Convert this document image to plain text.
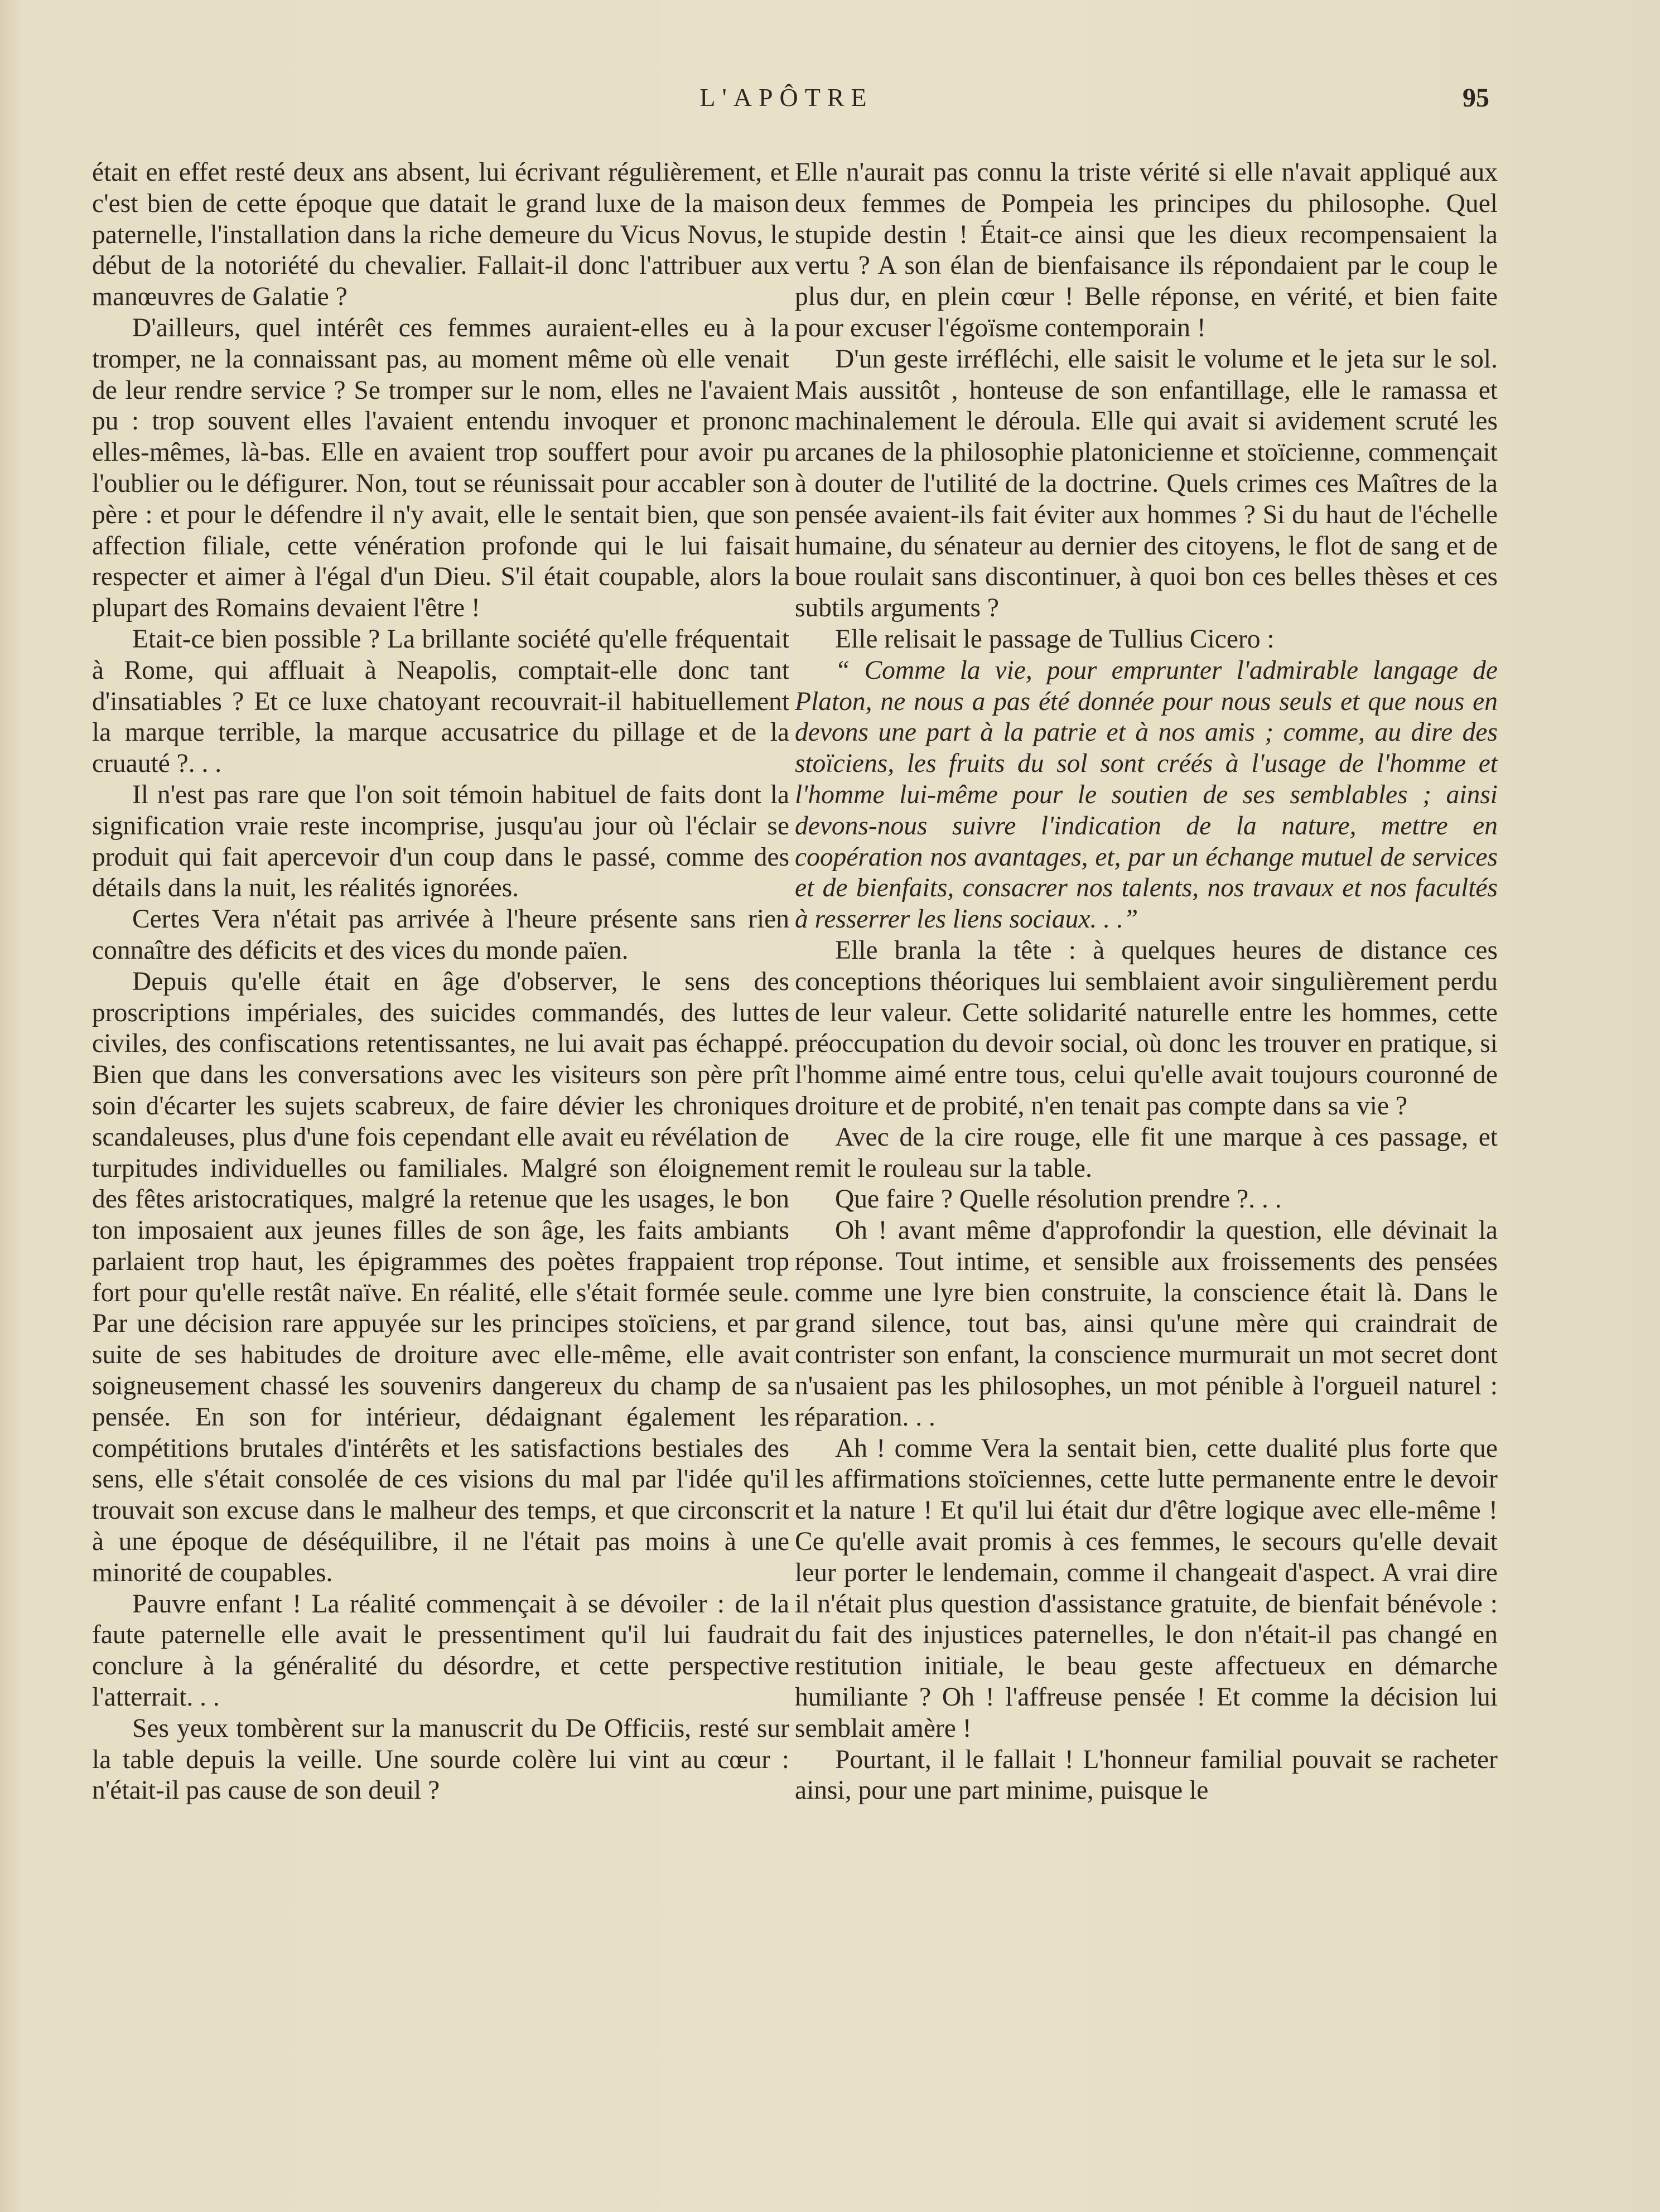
L'APÔTRE	95

était en effet resté deux ans absent, lui écrivant régulièrement, et c'est bien de cette époque que datait le grand luxe de la maison paternelle, l'installation dans la riche demeure du Vicus Novus, le début de la notoriété du chevalier. Fallait-il donc l'attribuer aux manœuvres de Galatie ?

D'ailleurs, quel intérêt ces femmes auraient-elles eu à la tromper, ne la connaissant pas, au moment même où elle venait de leur rendre service ? Se tromper sur le nom, elles ne l'avaient pu : trop souvent elles l'avaient entendu invoquer et prononc elles-mêmes, là-bas. Elle en avaient trop souffert pour avoir pu l'oublier ou le défigurer. Non, tout se réunissait pour accabler son père : et pour le défendre il n'y avait, elle le sentait bien, que son affection filiale, cette vénération profonde qui le lui faisait respecter et aimer à l'égal d'un Dieu. S'il était coupable, alors la plupart des Romains devaient l'être !

Etait-ce bien possible ? La brillante société qu'elle fréquentait à Rome, qui affluait à Neapolis, comptait-elle donc tant d'insatiables ? Et ce luxe chatoyant recouvrait-il habituellement la marque terrible, la marque accusatrice du pillage et de la cruauté ?. . .

Il n'est pas rare que l'on soit témoin habituel de faits dont la signification vraie reste incomprise, jusqu'au jour où l'éclair se produit qui fait apercevoir d'un coup dans le passé, comme des détails dans la nuit, les réalités ignorées.

Certes Vera n'était pas arrivée à l'heure présente sans rien connaître des déficits et des vices du monde païen.

Depuis qu'elle était en âge d'observer, le sens des proscriptions impériales, des suicides commandés, des luttes civiles, des confiscations retentissantes, ne lui avait pas échappé. Bien que dans les conversations avec les visiteurs son père prît soin d'écarter les sujets scabreux, de faire dévier les chroniques scandaleuses, plus d'une fois cependant elle avait eu révélation de turpitudes individuelles ou familiales. Malgré son éloignement des fêtes aristocratiques, malgré la retenue que les usages, le bon ton imposaient aux jeunes filles de son âge, les faits ambiants parlaient trop haut, les épigrammes des poètes frappaient trop fort pour qu'elle restât naïve. En réalité, elle s'était formée seule. Par une décision rare appuyée sur les principes stoïciens, et par suite de ses habitudes de droiture avec elle-même, elle avait soigneusement chassé les souvenirs dangereux du champ de sa pensée. En son for intérieur, dédaignant également les compétitions brutales d'intérêts et les satisfactions bestiales des sens, elle s'était consolée de ces visions du mal par l'idée qu'il trouvait son excuse dans le malheur des temps, et que circonscrit à une époque de déséquilibre, il ne l'était pas moins à une minorité de coupables.

Pauvre enfant ! La réalité commençait à se dévoiler : de la faute paternelle elle avait le pressentiment qu'il lui faudrait conclure à la généralité du désordre, et cette perspective l'atterrait. . .

Ses yeux tombèrent sur la manuscrit du De Officiis, resté sur la table depuis la veille. Une sourde colère lui vint au cœur : n'était-il pas cause de son deuil ?

Elle n'aurait pas connu la triste vérité si elle n'avait appliqué aux deux femmes de Pompeia les principes du philosophe. Quel stupide destin ! Était-ce ainsi que les dieux recompensaient la vertu ? A son élan de bienfaisance ils répondaient par le coup le plus dur, en plein cœur ! Belle réponse, en vérité, et bien faite pour excuser l'égoïsme contemporain !

D'un geste irréfléchi, elle saisit le volume et le jeta sur le sol. Mais aussitôt , honteuse de son enfantillage, elle le ramassa et machinalement le déroula. Elle qui avait si avidement scruté les arcanes de la philosophie platonicienne et stoïcienne, commençait à douter de l'utilité de la doctrine. Quels crimes ces Maîtres de la pensée avaient-ils fait éviter aux hommes ? Si du haut de l'échelle humaine, du sénateur au dernier des citoyens, le flot de sang et de boue roulait sans discontinuer, à quoi bon ces belles thèses et ces subtils arguments ?

Elle relisait le passage de Tullius Cicero :

“ Comme la vie, pour emprunter l'admirable langage de Platon, ne nous a pas été donnée pour nous seuls et que nous en devons une part à la patrie et à nos amis ; comme, au dire des stoïciens, les fruits du sol sont créés à l'usage de l'homme et l'homme lui-même pour le soutien de ses semblables ; ainsi devons-nous suivre l'indication de la nature, mettre en coopération nos avantages, et, par un échange mutuel de services et de bienfaits, consacrer nos talents, nos travaux et nos facultés à resserrer les liens sociaux. . .”

Elle branla la tête : à quelques heures de distance ces conceptions théoriques lui semblaient avoir singulièrement perdu de leur valeur. Cette solidarité naturelle entre les hommes, cette préoccupation du devoir social, où donc les trouver en pratique, si l'homme aimé entre tous, celui qu'elle avait toujours couronné de droiture et de probité, n'en tenait pas compte dans sa vie ?

Avec de la cire rouge, elle fit une marque à ces passage, et remit le rouleau sur la table.

Que faire ? Quelle résolution prendre ?. . .

Oh ! avant même d'approfondir la question, elle dévinait la réponse. Tout intime, et sensible aux froissements des pensées comme une lyre bien construite, la conscience était là. Dans le grand silence, tout bas, ainsi qu'une mère qui craindrait de contrister son enfant, la conscience murmurait un mot secret dont n'usaient pas les philosophes, un mot pénible à l'orgueil naturel : réparation. . .

Ah ! comme Vera la sentait bien, cette dualité plus forte que les affirmations stoïciennes, cette lutte permanente entre le devoir et la nature ! Et qu'il lui était dur d'être logique avec elle-même ! Ce qu'elle avait promis à ces femmes, le secours qu'elle devait leur porter le lendemain, comme il changeait d'aspect. A vrai dire il n'était plus question d'assistance gratuite, de bienfait bénévole : du fait des injustices paternelles, le don n'était-il pas changé en restitution initiale, le beau geste affectueux en démarche humiliante ? Oh ! l'affreuse pensée ! Et comme la décision lui semblait amère !

Pourtant, il le fallait ! L'honneur familial pouvait se racheter ainsi, pour une part minime, puisque le
